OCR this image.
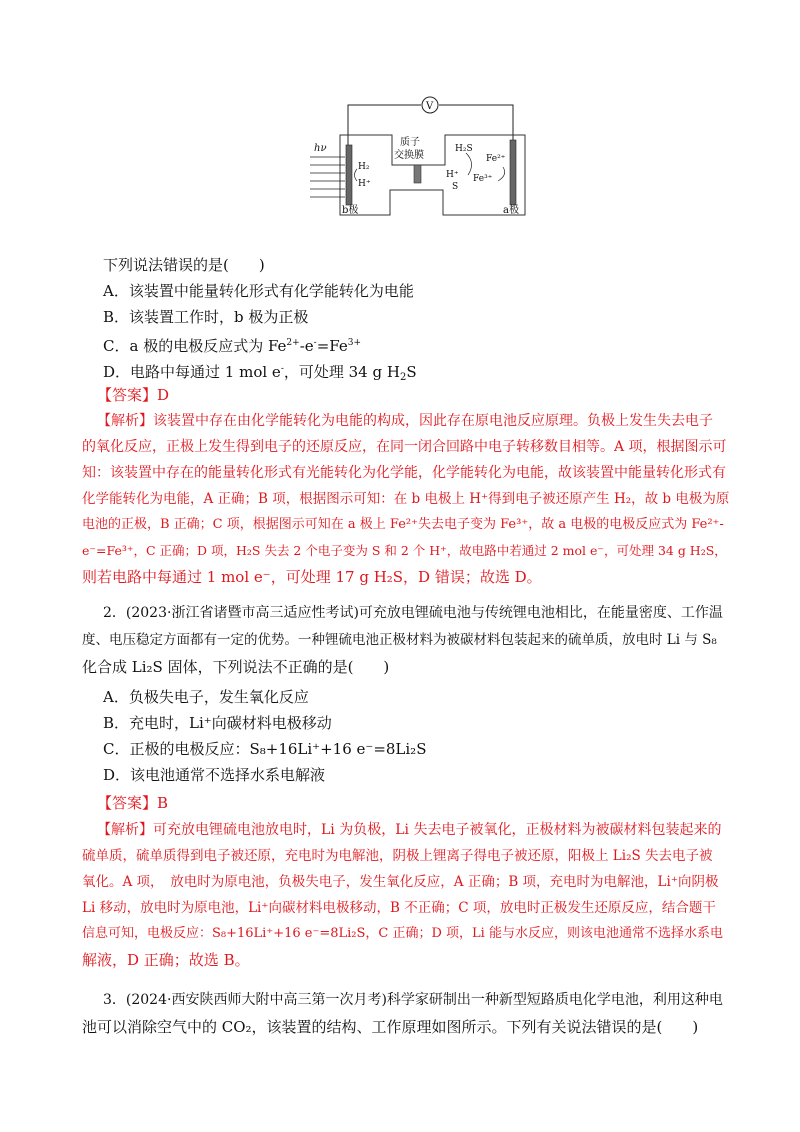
V
质子
交换膜
hν
H₂
H⁺
H₂S
Fe²⁺
H⁺ Fe³⁺
S
b极	a极
下列说法错误的是(　　)
A．该装置中能量转化形式有化学能转化为电能
B．该装置工作时，b 极为正极
C．a 极的电极反应式为 $Fe^{2+}-e^-=Fe^{3+}$
D．电路中每通过 1 mol e-，可处理 34 g $H_2S$
【答案】D
【解析】该装置中存在由化学能转化为电能的构成，因此存在原电池反应原理。负极上发生失去电子
的氧化反应，正极上发生得到电子的还原反应，在同一闭合回路中电子转移数目相等。A 项，根据图示可
知：该装置中存在的能量转化形式有光能转化为化学能，化学能转化为电能，故该装置中能量转化形式有
化学能转化为电能，A 正确；B 项，根据图示可知：在 b 电极上 H⁺得到电子被还原产生 H₂，故 b 电极为原
电池的正极，B 正确；C 项，根据图示可知在 a 极上 Fe²⁺失去电子变为 Fe³⁺，故 a 电极的电极反应式为 Fe²⁺-
e⁻=Fe³⁺，C 正确；D 项，H₂S 失去 2 个电子变为 S 和 2 个 H⁺，故电路中若通过 2 mol e⁻，可处理 34 g H₂S，
则若电路中每通过 1 mol e⁻，可处理 17 g H₂S，D 错误；故选 D。
2．(2023·浙江省诸暨市高三适应性考试)可充放电锂硫电池与传统锂电池相比，在能量密度、工作温
度、电压稳定方面都有一定的优势。一种锂硫电池正极材料为被碳材料包装起来的硫单质，放电时 Li 与 S₈
化合成 Li₂S 固体，下列说法不正确的是(　　)
A．负极失电子，发生氧化反应
B．充电时，Li⁺向碳材料电极移动
C．正极的电极反应：S₈+16Li⁺+16 e⁻=8Li₂S
D．该电池通常不选择水系电解液
【答案】B
【解析】可充放电锂硫电池放电时，Li 为负极，Li 失去电子被氧化，正极材料为被碳材料包装起来的
硫单质，硫单质得到电子被还原，充电时为电解池，阴极上锂离子得电子被还原，阳极上 Li₂S 失去电子被
氧化。A 项，　放电时为原电池，负极失电子，发生氧化反应，A 正确；B 项，充电时为电解池，Li⁺向阴极
Li 移动，放电时为原电池，Li⁺向碳材料电极移动，B 不正确；C 项，放电时正极发生还原反应，结合题干
信息可知，电极反应：S₈+16Li⁺+16 e⁻=8Li₂S，C 正确；D 项，Li 能与水反应，则该电池通常不选择水系电
解液，D 正确；故选 B。
3．(2024·西安陕西师大附中高三第一次月考)科学家研制出一种新型短路质电化学电池，利用这种电
池可以消除空气中的 CO₂，该装置的结构、工作原理如图所示。下列有关说法错误的是(　　)
